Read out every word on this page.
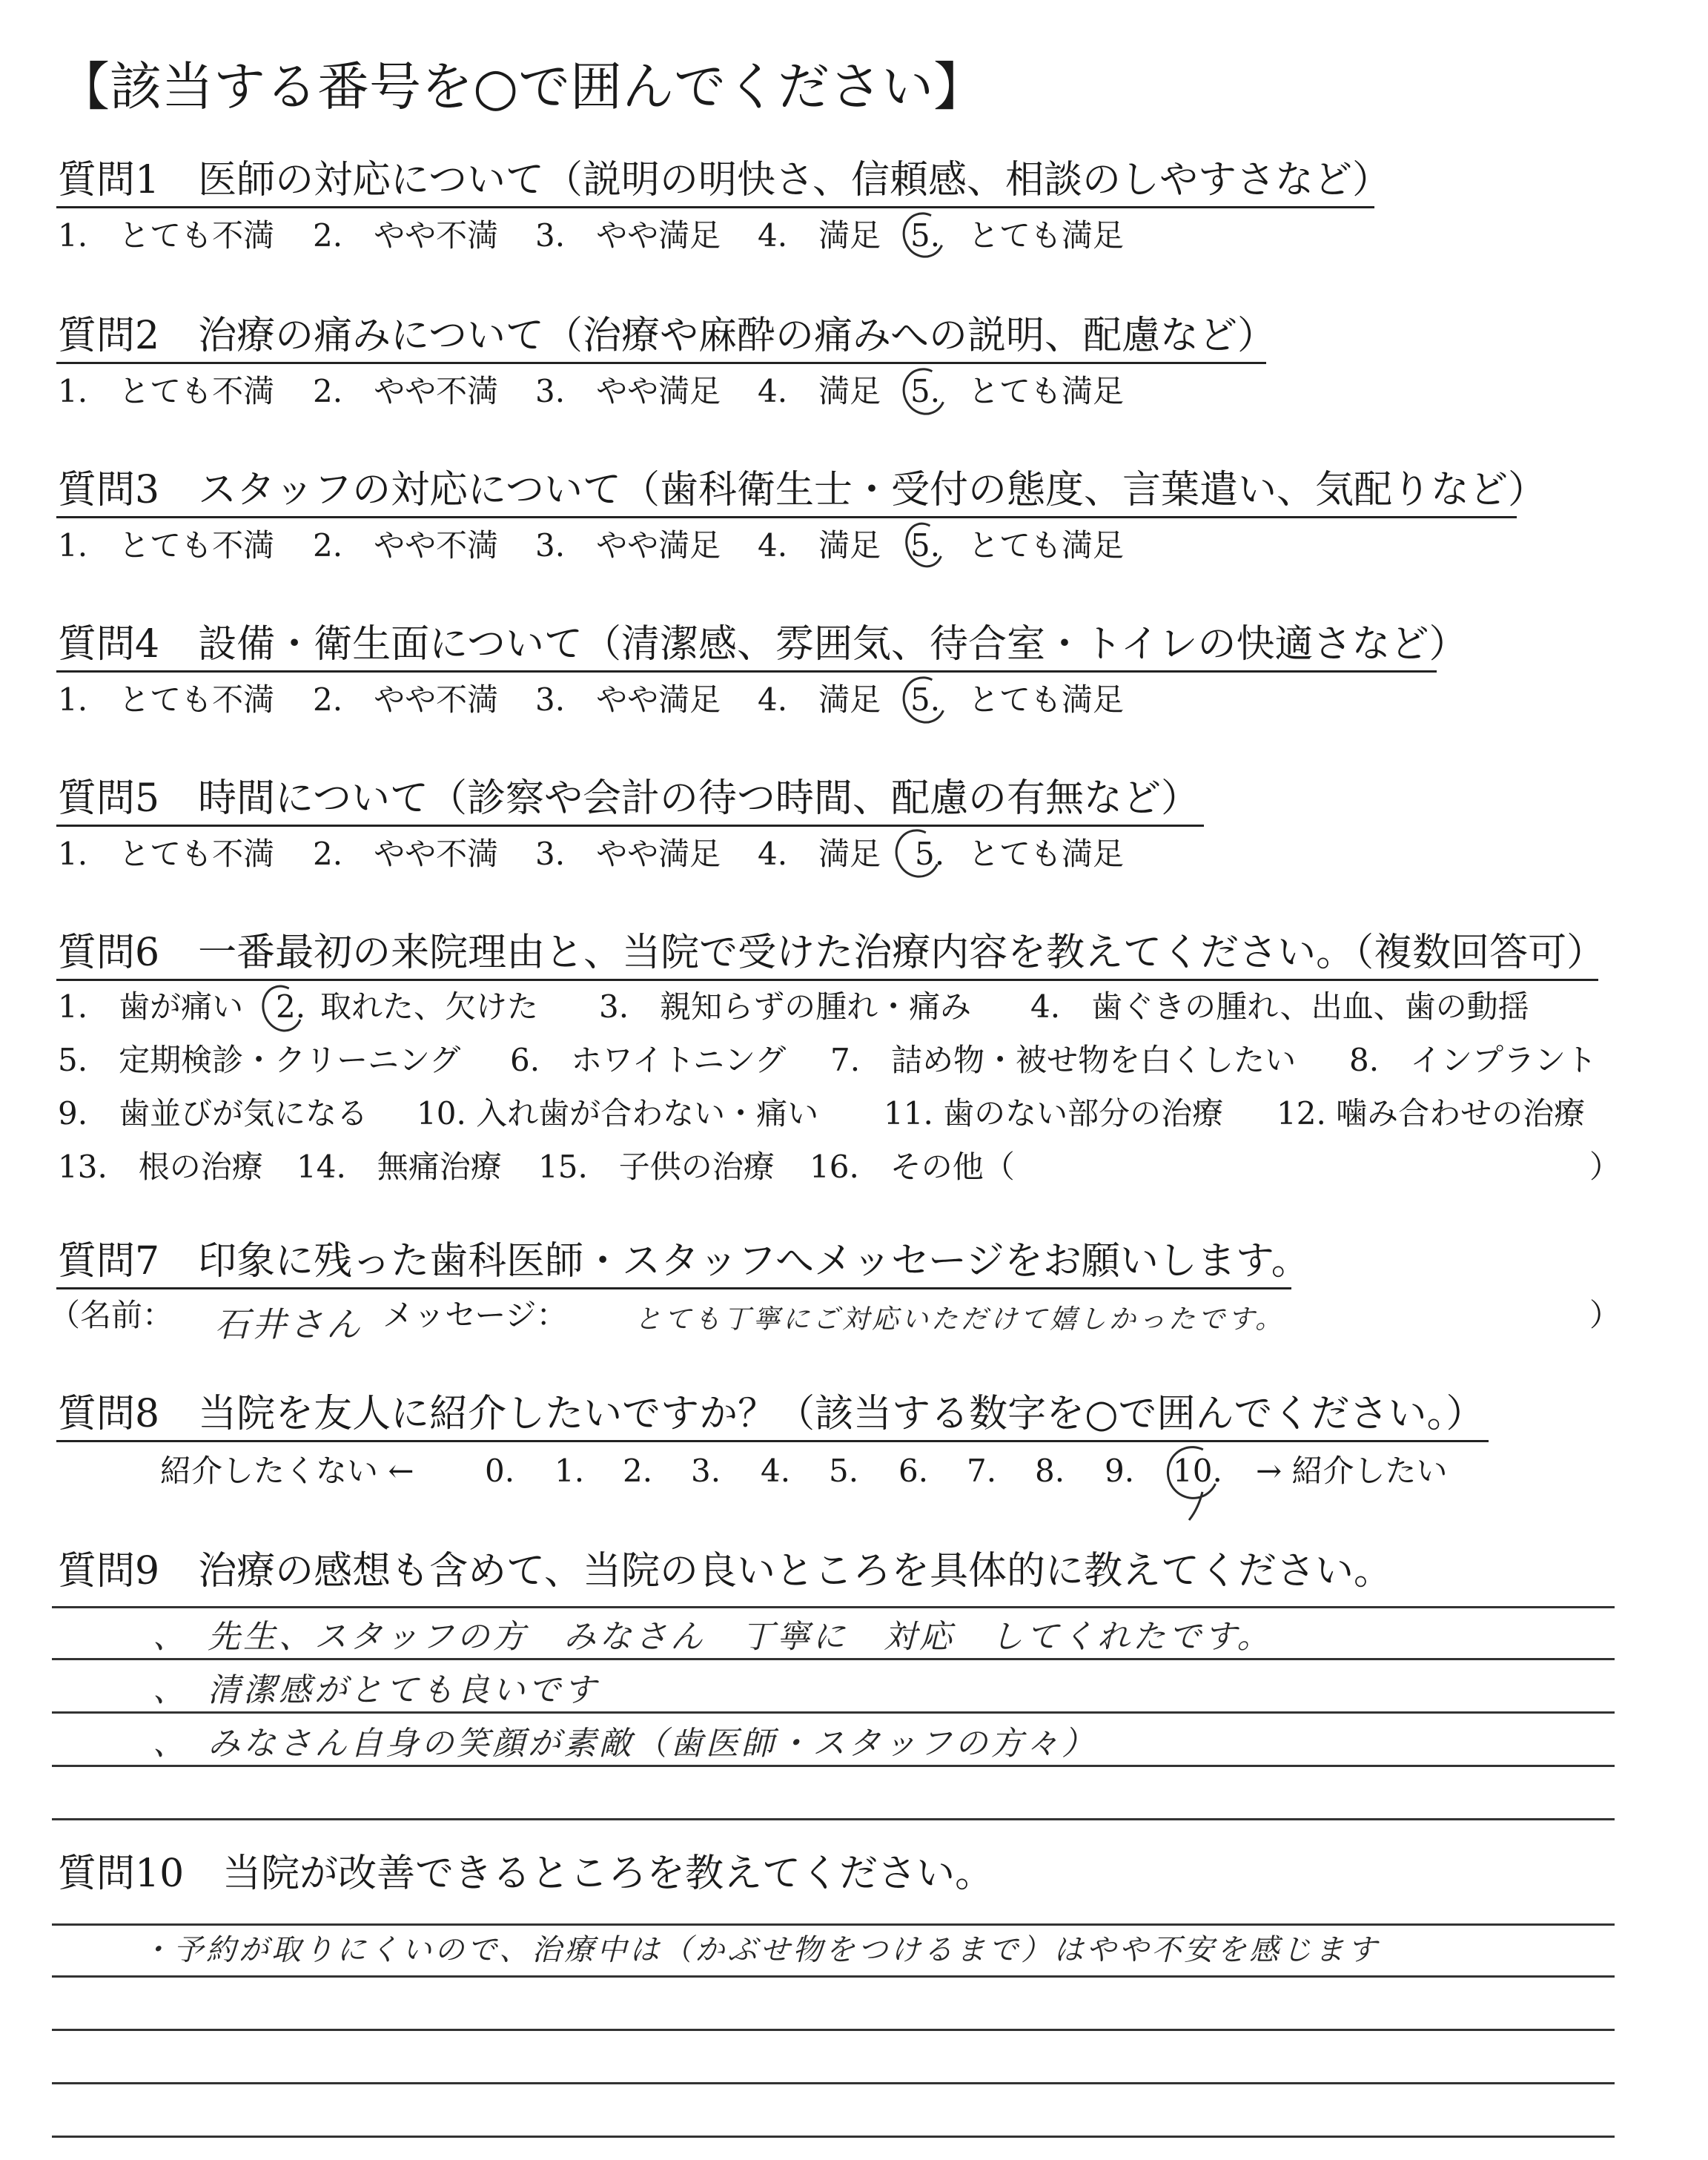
【該当する番号を○で囲んでください】
質問1　医師の対応について（説明の明快さ、信頼感、相談のしやすさなど）
1.　とても不満 2.　やや不満 3.　やや満足 4.　満足 5. とても満足
質問2　治療の痛みについて（治療や麻酔の痛みへの説明、配慮など）
1.　とても不満 2.　やや不満 3.　やや満足 4.　満足 5. とても満足
質問3　スタッフの対応について（歯科衛生士・受付の態度、言葉遣い、気配りなど）
1.　とても不満 2.　やや不満 3.　やや満足 4.　満足 5. とても満足
質問4　設備・衛生面について（清潔感、雰囲気、待合室・トイレの快適さなど）
1.　とても不満 2.　やや不満 3.　やや満足 4.　満足 5. とても満足
質問5　時間について（診察や会計の待つ時間、配慮の有無など）
1.　とても不満 2.　やや不満 3.　やや満足 4.　満足 5. とても満足
質問6　一番最初の来院理由と、当院で受けた治療内容を教えてください。（複数回答可）
1.　歯が痛い 2. 取れた、欠けた 3.　親知らずの腫れ・痛み 4.　歯ぐきの腫れ、出血、歯の動揺
5.　定期検診・クリーニング 6.　ホワイトニング 7.　詰め物・被せ物を白くしたい 8.　インプラント
9.　歯並びが気になる 10. 入れ歯が合わない・痛い 11. 歯のない部分の治療 12. 噛み合わせの治療
13.　根の治療 14.　無痛治療 15.　子供の治療 16.　その他（	）
質問7　印象に残った歯科医師・スタッフへメッセージをお願いします。
（名前： 石井さん メッセージ：	とても丁寧にご対応いただけて嬉しかったです。	）
質問8　当院を友人に紹介したいですか？（該当する数字を○で囲んでください。）
紹介したくない ← 0. 1. 2. 3. 4. 5. 6. 7. 8. 9. 10. → 紹介したい
質問9　治療の感想も含めて、当院の良いところを具体的に教えてください。
、　先生、スタッフの方　みなさん　丁寧に　対応　してくれたです。
、　清潔感がとても良いです
、　みなさん自身の笑顔が素敵（歯医師・スタッフの方々）
質問10　当院が改善できるところを教えてください。
・予約が取りにくいので、治療中は（かぶせ物をつけるまで）はやや不安を感じます
